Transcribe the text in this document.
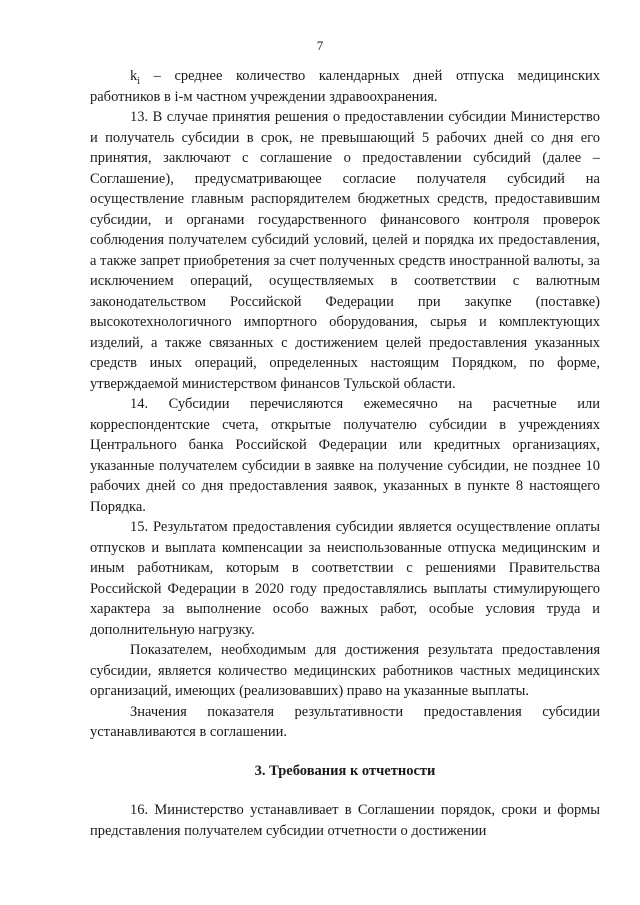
7

$k_i$ – среднее количество календарных дней отпуска медицинских работников в i-м частном учреждении здравоохранения.

13. В случае принятия решения о предоставлении субсидии Министерство и получатель субсидии в срок, не превышающий 5 рабочих дней со дня его принятия, заключают с соглашение о предоставлении субсидий (далее – Соглашение), предусматривающее согласие получателя субсидий на осуществление главным распорядителем бюджетных средств, предоставившим субсидии, и органами государственного финансового контроля проверок соблюдения получателем субсидий условий, целей и порядка их предоставления, а также запрет приобретения за счет полученных средств иностранной валюты, за исключением операций, осуществляемых в соответствии с валютным законодательством Российской Федерации при закупке (поставке) высокотехнологичного импортного оборудования, сырья и комплектующих изделий, а также связанных с достижением целей предоставления указанных средств иных операций, определенных настоящим Порядком, по форме, утверждаемой министерством финансов Тульской области.

14. Субсидии перечисляются ежемесячно на расчетные или корреспондентские счета, открытые получателю субсидии в учреждениях Центрального банка Российской Федерации или кредитных организациях, указанные получателем субсидии в заявке на получение субсидии, не позднее 10 рабочих дней со дня предоставления заявок, указанных в пункте 8 настоящего Порядка.

15. Результатом предоставления субсидии является осуществление оплаты отпусков и выплата компенсации за неиспользованные отпуска медицинским и иным работникам, которым в соответствии с решениями Правительства Российской Федерации в 2020 году предоставлялись выплаты стимулирующего характера за выполнение особо важных работ, особые условия труда и дополнительную нагрузку.

Показателем, необходимым для достижения результата предоставления субсидии, является количество медицинских работников частных медицинских организаций, имеющих (реализовавших) право на указанные выплаты.

Значения показателя результативности предоставления субсидии устанавливаются в соглашении.

3. Требования к отчетности

16. Министерство устанавливает в Соглашении порядок, сроки и формы представления получателем субсидии отчетности о достижении
